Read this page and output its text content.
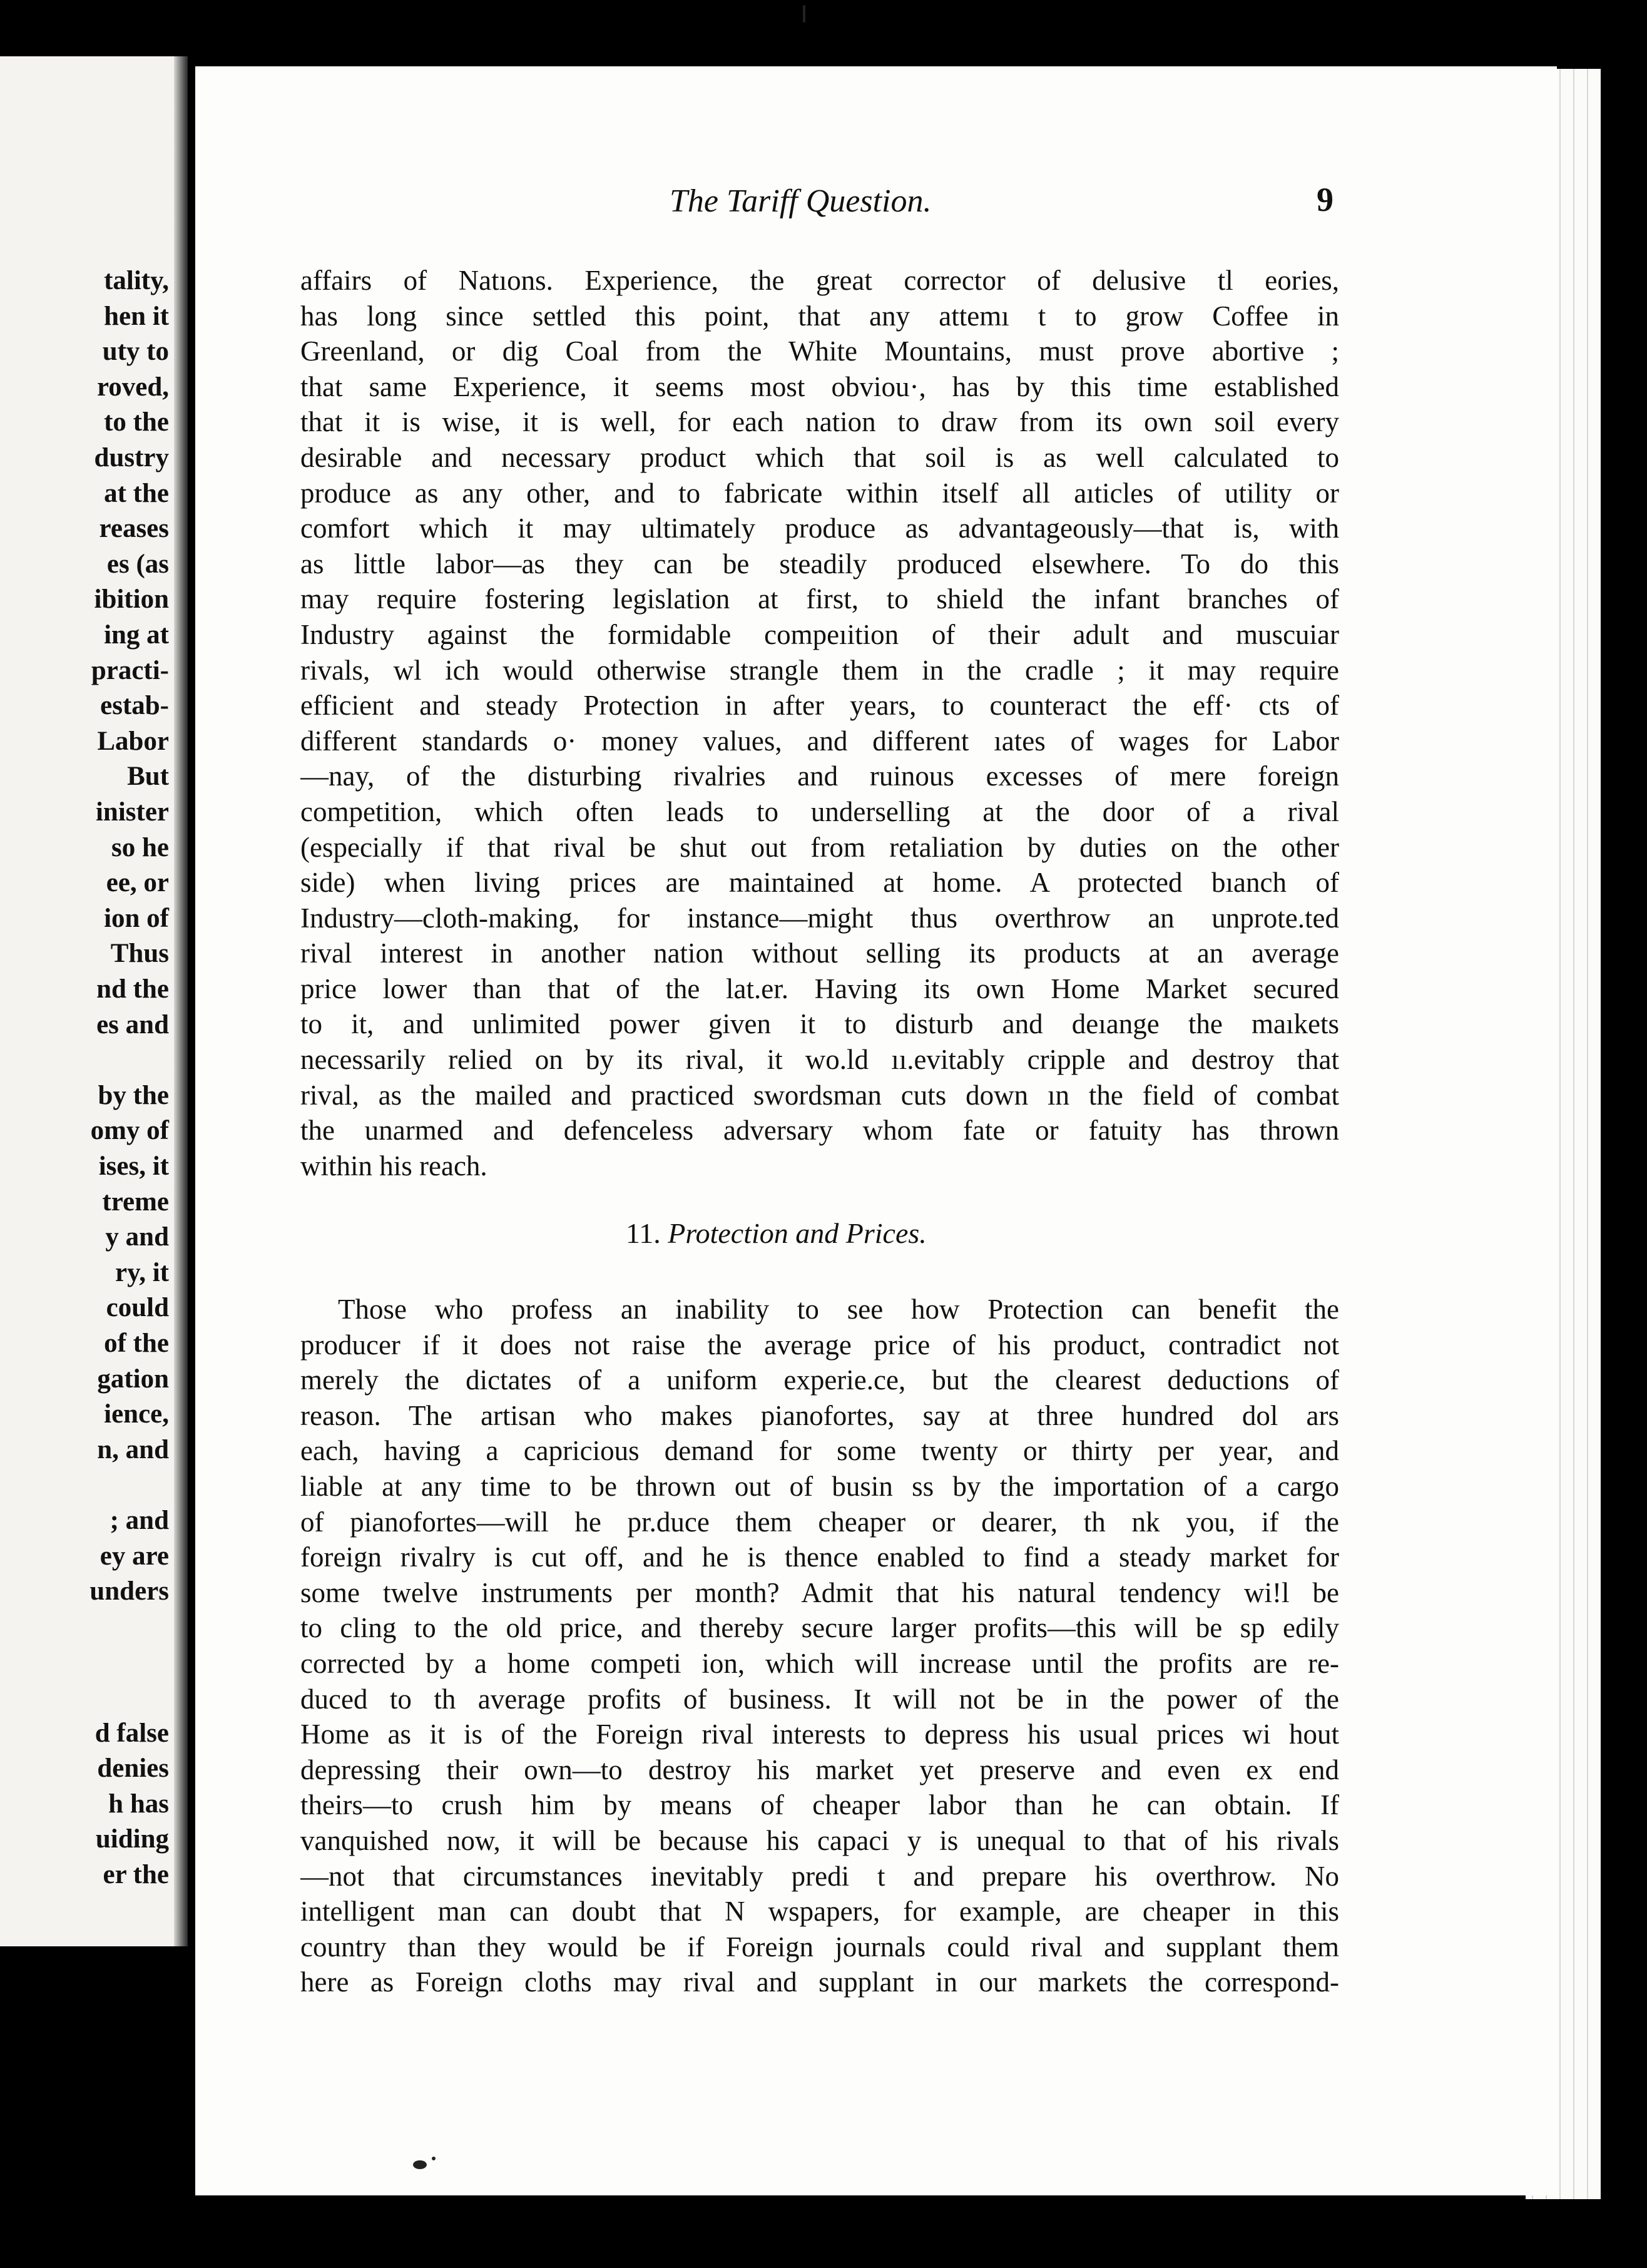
tality,
hen it
uty to
roved,
to the
dustry
at the
reases
es (as
ibition
ing at
practi-
estab-
Labor
But
inister
so he
ee, or
ion of
Thus
nd the
es and
by the
omy of
ises, it
treme
y and
ry, it
could
of the
gation
ience,
n, and
; and
ey are
unders
d false
denies
h has
uiding
er the
The Tariff Question.	9
affairs of Natıons. Experience, the great corrector of delusive tl eories,
has long since settled this point, that any attemı t to grow Coffee in
Greenland, or dig Coal from the White Mountains, must prove abortive ;
that same Experience, it seems most obviou·, has by this time established
that it is wise, it is well, for each nation to draw from its own soil every
desirable and necessary product which that soil is as well calculated to
produce as any other, and to fabricate within itself all aıticles of utility or
comfort which it may ultimately produce as advantageously—that is, with
as little labor—as they can be steadily produced elsewhere. To do this
may require fostering legislation at first, to shield the infant branches of
Industry against the formidable compeıition of their adult and muscuiar
rivals, wl ich would otherwise strangle them in the cradle ; it may require
efficient and steady Protection in after years, to counteract the eff· cts of
different standards o· money values, and different ıates of wages for Labor
—nay, of the disturbing rivalries and ruinous excesses of mere foreign
competition, which often leads to underselling at the door of a rival
(especially if that rival be shut out from retaliation by duties on the other
side) when living prices are maintained at home. A protected bıanch of
Industry—cloth-making, for instance—might thus overthrow an unprote.ted
rival interest in another nation without selling its products at an average
price lower than that of the lat.er. Having its own Home Market secured
to it, and unlimited power given it to disturb and deıange the maıkets
necessarily relied on by its rival, it wo.ld ıı.evitably cripple and destroy that
rival, as the mailed and practiced swordsman cuts down ın the field of combat
the unarmed and defenceless adversary whom fate or fatuity has thrown
within his reach.
11. Protection and Prices.
Those who profess an inability to see how Protection can benefit the
producer if it does not raise the average price of his product, contradict not
merely the dictates of a uniform experie.ce, but the clearest deductions of
reason. The artisan who makes pianofortes, say at three hundred dol ars
each, having a capricious demand for some twenty or thirty per year, and
liable at any time to be thrown out of busin ss by the importation of a cargo
of pianofortes—will he pr.duce them cheaper or dearer, th nk you, if the
foreign rivalry is cut off, and he is thence enabled to find a steady market for
some twelve instruments per month? Admit that his natural tendency wi!l be
to cling to the old price, and thereby secure larger profits—this will be sp edily
corrected by a home competi ion, which will increase until the profits are re-
duced to th average profits of business. It will not be in the power of the
Home as it is of the Foreign rival interests to depress his usual prices wi hout
depressing their own—to destroy his market yet preserve and even ex end
theirs—to crush him by means of cheaper labor than he can obtain. If
vanquished now, it will be because his capaci y is unequal to that of his rivals
—not that circumstances inevitably predi t and prepare his overthrow. No
intelligent man can doubt that N wspapers, for example, are cheaper in this
country than they would be if Foreign journals could rival and supplant them
here as Foreign cloths may rival and supplant in our markets the correspond-
